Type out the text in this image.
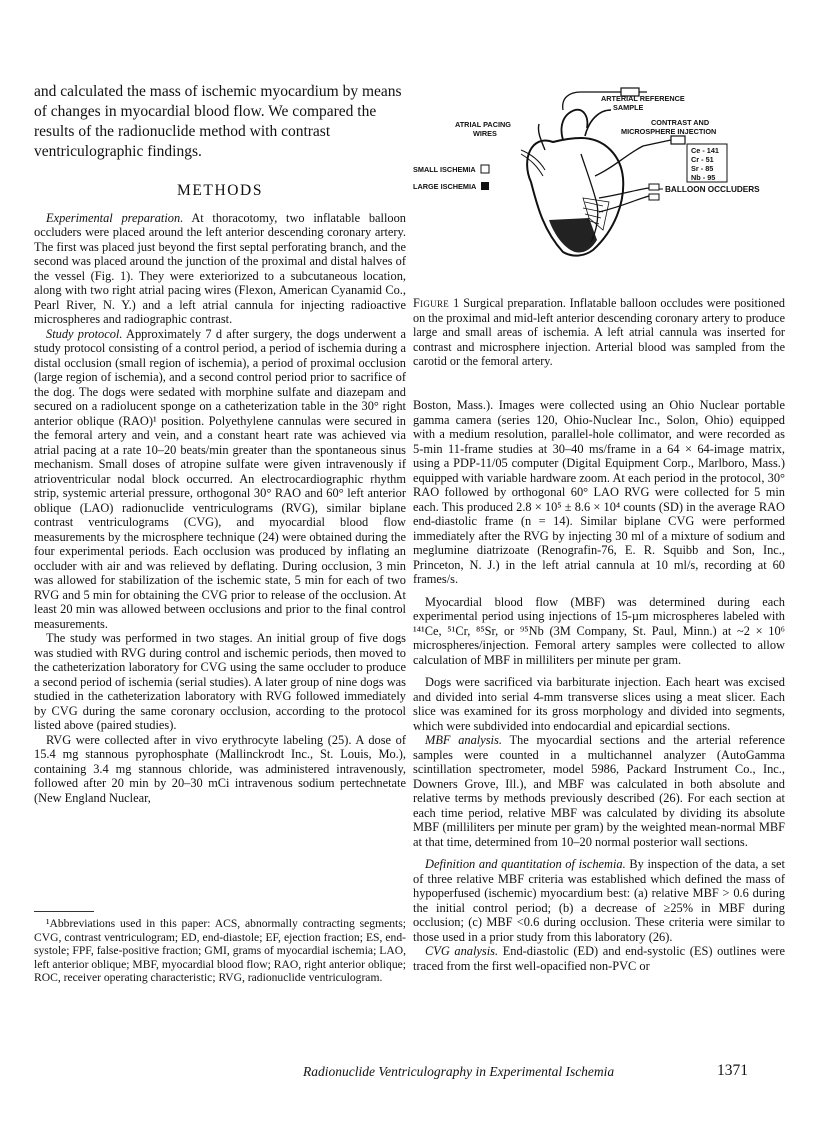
and calculated the mass of ischemic myocardium by means of changes in myocardial blood flow. We compared the results of the radionuclide method with contrast ventriculographic findings.
METHODS

Experimental preparation. At thoracotomy, two inflatable balloon occluders were placed around the left anterior descending coronary artery. The first was placed just beyond the first septal perforating branch, and the second was placed around the junction of the proximal and distal halves of the vessel (Fig. 1). They were exteriorized to a subcutaneous location, along with two right atrial pacing wires (Flexon, American Cyanamid Co., Pearl River, N. Y.) and a left atrial cannula for injecting radioactive microspheres and radiographic contrast.

Study protocol. Approximately 7 d after surgery, the dogs underwent a study protocol consisting of a control period, a period of ischemia during a distal occlusion (small region of ischemia), a period of proximal occlusion (large region of ischemia), and a second control period prior to sacrifice of the dog. The dogs were sedated with morphine sulfate and diazepam and secured on a radiolucent sponge on a catheterization table in the 30° right anterior oblique (RAO)¹ position. Polyethylene cannulas were secured in the femoral artery and vein, and a constant heart rate was achieved via atrial pacing at a rate 10–20 beats/min greater than the spontaneous sinus mechanism. Small doses of atropine sulfate were given intravenously if atrioventricular nodal block occurred. An electrocardiographic rhythm strip, systemic arterial pressure, orthogonal 30° RAO and 60° left anterior oblique (LAO) radionuclide ventriculograms (RVG), similar biplane contrast ventriculograms (CVG), and myocardial blood flow measurements by the microsphere technique (24) were obtained during the four experimental periods. Each occlusion was produced by inflating an occluder with air and was relieved by deflating. During occlusion, 3 min was allowed for stabilization of the ischemic state, 5 min for each of two RVG and 5 min for obtaining the CVG prior to release of the occlusion. At least 20 min was allowed between occlusions and prior to the final control measurements.

The study was performed in two stages. An initial group of five dogs was studied with RVG during control and ischemic periods, then moved to the catheterization laboratory for CVG using the same occluder to produce a second period of ischemia (serial studies). A later group of nine dogs was studied in the catheterization laboratory with RVG followed immediately by CVG during the same coronary occlusion, according to the protocol listed above (paired studies).

RVG were collected after in vivo erythrocyte labeling (25). A dose of 15.4 mg stannous pyrophosphate (Mallinckrodt Inc., St. Louis, Mo.), containing 3.4 mg stannous chloride, was administered intravenously, followed after 20 min by 20–30 mCi intravenous sodium pertechnetate (New England Nuclear,

¹Abbreviations used in this paper: ACS, abnormally contracting segments; CVG, contrast ventriculogram; ED, end-diastole; EF, ejection fraction; ES, end-systole; FPF, false-positive fraction; GMI, grams of myocardial ischemia; LAO, left anterior oblique; MBF, myocardial blood flow; RAO, right anterior oblique; ROC, receiver operating characteristic; RVG, radionuclide ventriculogram.
Ce - 141
Cr - 51
Sr - 85
Nb - 95
ARTERIAL REFERENCE
SAMPLE
CONTRAST AND
MICROSPHERE INJECTION
ATRIAL PACING
WIRES
SMALL ISCHEMIA
LARGE ISCHEMIA	BALLOON OCCLUDERS
Figure 1 Surgical preparation. Inflatable balloon occludes were positioned on the proximal and mid-left anterior descending coronary artery to produce large and small areas of ischemia. A left atrial cannula was inserted for contrast and microsphere injection. Arterial blood was sampled from the carotid or the femoral artery.

Boston, Mass.). Images were collected using an Ohio Nuclear portable gamma camera (series 120, Ohio-Nuclear Inc., Solon, Ohio) equipped with a medium resolution, parallel-hole collimator, and were recorded as 5-min 11-frame studies at 30–40 ms/frame in a 64 × 64-image matrix, using a PDP-11/05 computer (Digital Equipment Corp., Marlboro, Mass.) equipped with variable hardware zoom. At each period in the protocol, 30° RAO followed by orthogonal 60° LAO RVG were collected for 5 min each. This produced 2.8 × 10⁵ ± 8.6 × 10⁴ counts (SD) in the average RAO end-diastolic frame (n = 14). Similar biplane CVG were performed immediately after the RVG by injecting 30 ml of a mixture of sodium and meglumine diatrizoate (Renografin-76, E. R. Squibb and Son, Inc., Princeton, N. J.) in the left atrial cannula at 10 ml/s, recording at 60 frames/s.

Myocardial blood flow (MBF) was determined during each experimental period using injections of 15-µm microspheres labeled with ¹⁴¹Ce, ⁵¹Cr, ⁸⁵Sr, or ⁹⁵Nb (3M Company, St. Paul, Minn.) at ~2 × 10⁶ microspheres/injection. Femoral artery samples were collected to allow calculation of MBF in milliliters per minute per gram.

Dogs were sacrificed via barbiturate injection. Each heart was excised and divided into serial 4-mm transverse slices using a meat slicer. Each slice was examined for its gross morphology and divided into segments, which were subdivided into endocardial and epicardial sections.

MBF analysis. The myocardial sections and the arterial reference samples were counted in a multichannel analyzer (AutoGamma scintillation spectrometer, model 5986, Packard Instrument Co., Inc., Downers Grove, Ill.), and MBF was calculated in both absolute and relative terms by methods previously described (26). For each section at each time period, relative MBF was calculated by dividing its absolute MBF (milliliters per minute per gram) by the weighted mean-normal MBF at that time, determined from 10–20 normal posterior wall sections.

Definition and quantitation of ischemia. By inspection of the data, a set of three relative MBF criteria was established which defined the mass of hypoperfused (ischemic) myocardium best: (a) relative MBF > 0.6 during the initial control period; (b) a decrease of ≥25% in MBF during occlusion; (c) MBF <0.6 during occlusion. These criteria were similar to those used in a prior study from this laboratory (26).

CVG analysis. End-diastolic (ED) and end-systolic (ES) outlines were traced from the first well-opacified non-PVC or

Radionuclide Ventriculography in Experimental Ischemia	1371
